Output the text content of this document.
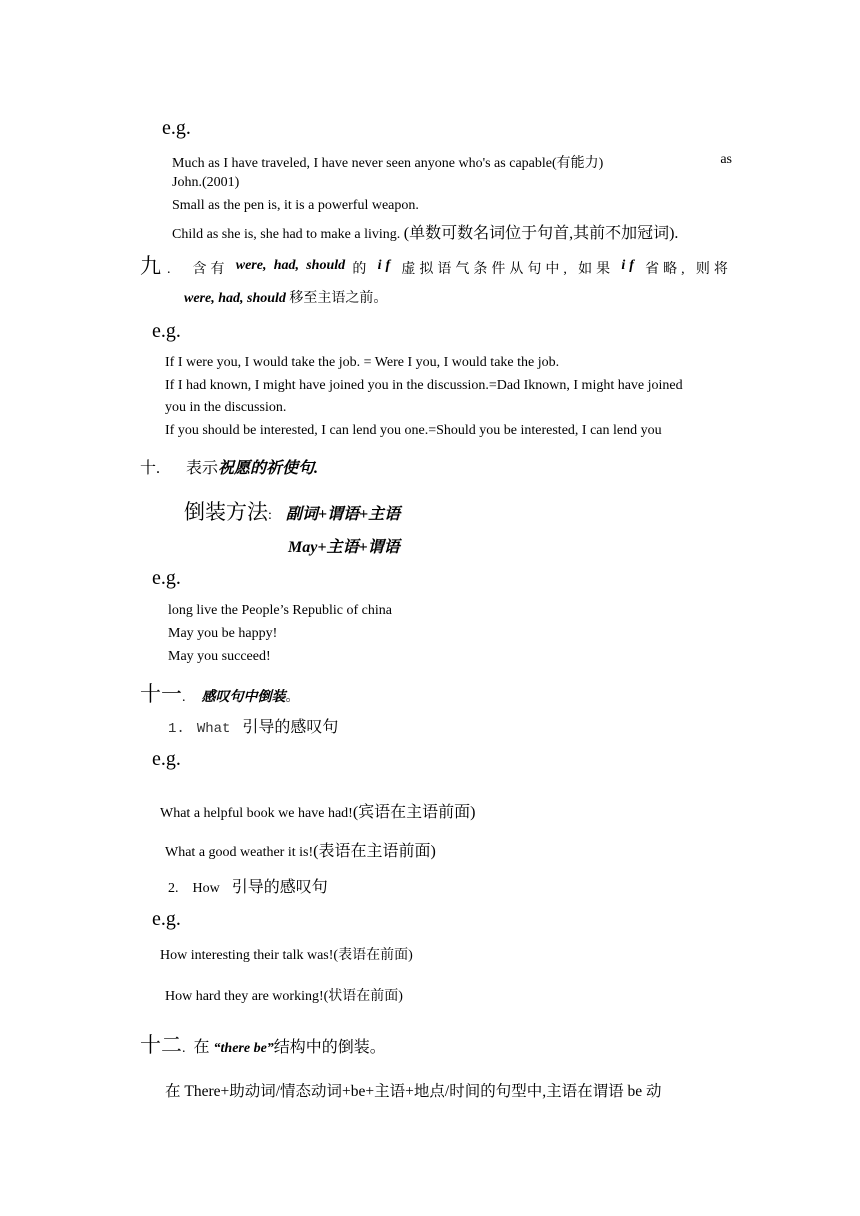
e.g.
Much as I have traveled, I have never seen anyone who's as capable(有能力)	as
John.(2001)
Small as the pen is, it is a powerful weapon.
Child as she is, she had to make a living. (单数可数名词位于句首,其前不加冠词).
九 . 含有 were, had, should 的 if 虚拟语气条件从句中, 如果 if 省略, 则将
were, had, should 移至主语之前。
e.g.
If I were you, I would take the job. = Were I you, I would take the job.
If I had known, I might have joined you in the discussion.=Dad Iknown, I might have joined
you in the discussion.
If you should be interested, I can lend you one.=Should you be interested, I can lend you
十. 表示祝愿的祈使句.
倒装方法: 副词+谓语+主语
May+主语+谓语
e.g.
long live the People’s Republic of china
May you be happy!
May you succeed!
十一. 感叹句中倒装。
1. What 引导的感叹句
e.g.
What a helpful book we have had!(宾语在主语前面)
What a good weather it is!(表语在主语前面)
2. How 引导的感叹句
e.g.
How interesting their talk was!(表语在前面)
How hard they are working!(状语在前面)
十二. 在 “there be”结构中的倒装。
在 There+助动词/情态动词+be+主语+地点/时间的句型中,主语在谓语 be 动
